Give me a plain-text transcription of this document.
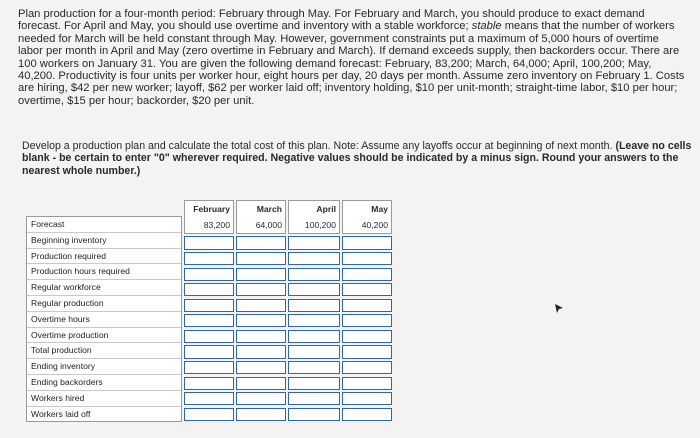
Plan production for a four-month period: February through May. For February and March, you should produce to exact demand

forecast. For April and May, you should use overtime and inventory with a stable workforce; stable means that the number of workers

needed for March will be held constant through May. However, government constraints put a maximum of 5,000 hours of overtime

labor per month in April and May (zero overtime in February and March). If demand exceeds supply, then backorders occur. There are

100 workers on January 31. You are given the following demand forecast: February, 83,200; March, 64,000; April, 100,200; May,

40,200. Productivity is four units per worker hour, eight hours per day, 20 days per month. Assume zero inventory on February 1. Costs

are hiring, $42 per new worker; layoff, $62 per worker laid off; inventory holding, $10 per unit-month; straight-time labor, $10 per hour;

overtime, $15 per hour; backorder, $20 per unit.

Develop a production plan and calculate the total cost of this plan. Note: Assume any layoffs occur at beginning of next month. (Leave no cells blank - be certain to enter "0" wherever required. Negative values should be indicated by a minus sign. Round your answers to the nearest whole number.)
Forecast
Beginning inventory
Production required
Production hours required
Regular workforce
Regular production
Overtime hours
Overtime production
Total production
Ending inventory
Ending backorders
Workers hired
Workers laid off
February
83,200
March
64,000
April
100,200
May
40,200
